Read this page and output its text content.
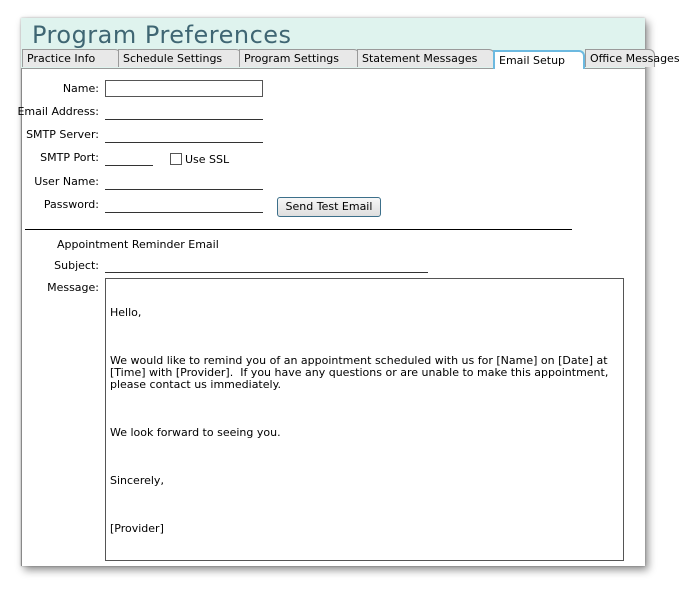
Program Preferences
Practice Info	Schedule Settings	Program Settings	Statement Messages	Email Setup	Office Messages
Name:
Email Address:
SMTP Server:
SMTP Port:	Use SSL
User Name:
Password:	Send Test Email
Appointment Reminder Email
Subject:
Message:

Hello,

We would like to remind you of an appointment scheduled with us for [Name] on [Date] at [Time] with [Provider].  If you have any questions or are unable to make this appointment, please contact us immediately.

We look forward to seeing you.

Sincerely,

[Provider]
